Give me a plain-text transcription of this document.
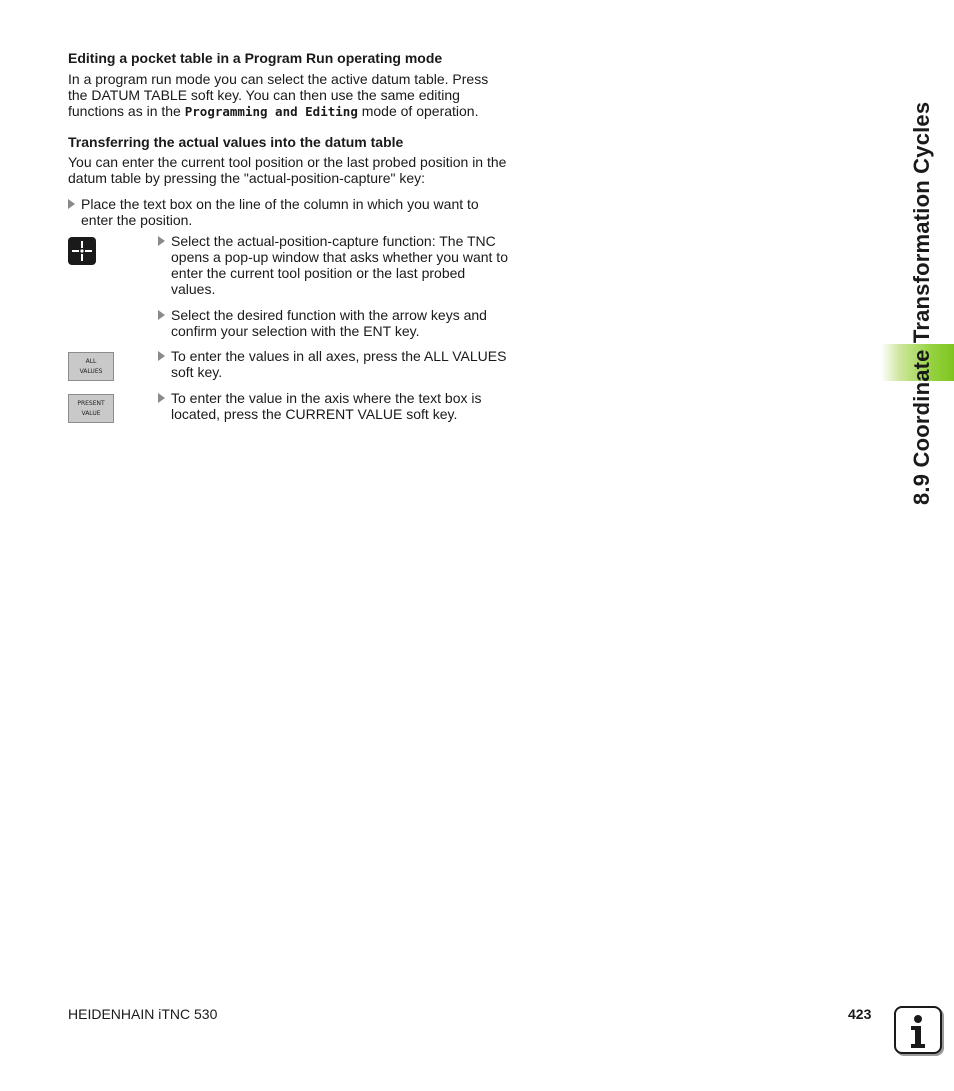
Editing a pocket table in a Program Run operating mode
In a program run mode you can select the active datum table. Press the DATUM TABLE soft key. You can then use the same editing functions as in the Programming and Editing mode of operation.
Transferring the actual values into the datum table
You can enter the current tool position or the last probed position in the datum table by pressing the "actual-position-capture" key:
Place the text box on the line of the column in which you want to enter the position.
Select the actual-position-capture function: The TNC opens a pop-up window that asks whether you want to enter the current tool position or the last probed values.
Select the desired function with the arrow keys and confirm your selection with the ENT key.
ALL
VALUES
To enter the values in all axes, press the ALL VALUES soft key.
PRESENT
VALUE
To enter the value in the axis where the text box is located, press the CURRENT VALUE soft key.	8.9 Coordinate Transformation Cycles
HEIDENHAIN iTNC 530	423
